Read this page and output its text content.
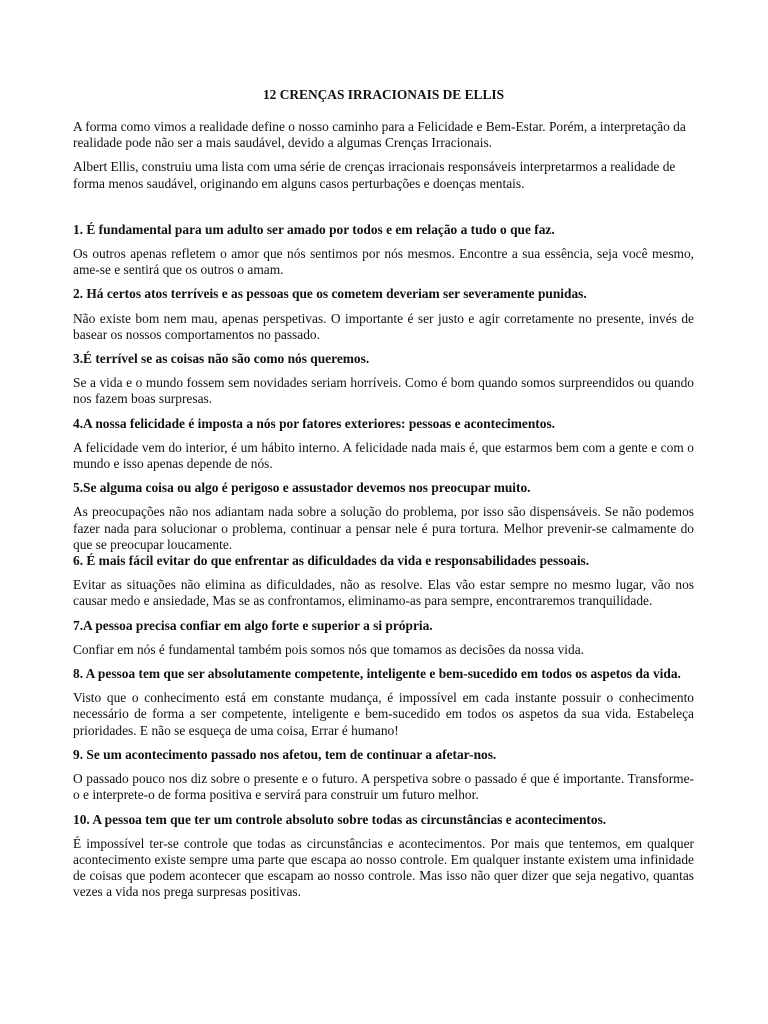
12 CRENÇAS IRRACIONAIS DE ELLIS

A forma como vimos a realidade define o nosso caminho para a Felicidade e Bem-Estar. Porém, a interpretação da realidade pode não ser a mais saudável, devido a algumas Crenças Irracionais.

Albert Ellis, construiu uma lista com uma série de crenças irracionais responsáveis interpretarmos a realidade de forma menos saudável, originando em alguns casos perturbações e doenças mentais.

1. É fundamental para um adulto ser amado por todos e em relação a tudo o que faz.

Os outros apenas refletem o amor que nós sentimos por nós mesmos. Encontre a sua essência, seja você mesmo, ame-se e sentirá que os outros o amam.

2. Há certos atos terríveis e as pessoas que os cometem deveriam ser severamente punidas.

Não existe bom nem mau, apenas perspetivas. O importante é ser justo e agir corretamente no presente, invés de basear os nossos comportamentos no passado.

3.É terrível se as coisas não são como nós queremos.

Se a vida e o mundo fossem sem novidades seriam horríveis. Como é bom quando somos surpreendidos ou quando nos fazem boas surpresas.

4.A nossa felicidade é imposta a nós por fatores exteriores: pessoas e acontecimentos.

A felicidade vem do interior, é um hábito interno. A felicidade nada mais é, que estarmos bem com a gente e com o mundo e isso apenas depende de nós.

5.Se alguma coisa ou algo é perigoso e assustador devemos nos preocupar muito.

As preocupações não nos adiantam nada sobre a solução do problema, por isso são dispensáveis. Se não podemos fazer nada para solucionar o problema, continuar a pensar nele é pura tortura. Melhor prevenir-se calmamente do que se preocupar loucamente.

6. É mais fácil evitar do que enfrentar as dificuldades da vida e responsabilidades pessoais.

Evitar as situações não elimina as dificuldades, não as resolve. Elas vão estar sempre no mesmo lugar, vão nos causar medo e ansiedade, Mas se as confrontamos, eliminamo-as para sempre, encontraremos tranquilidade.

7.A pessoa precisa confiar em algo forte e superior a si própria.

Confiar em nós é fundamental também pois somos nós que tomamos as decisões da nossa vida.

8. A pessoa tem que ser absolutamente competente, inteligente e bem-sucedido em todos os aspetos da vida.

Visto que o conhecimento está em constante mudança, é impossível em cada instante possuir o conhecimento necessário de forma a ser competente, inteligente e bem-sucedido em todos os aspetos da sua vida. Estabeleça prioridades. E não se esqueça de uma coisa, Errar é humano!

9. Se um acontecimento passado nos afetou, tem de continuar a afetar-nos.

O passado pouco nos diz sobre o presente e o futuro. A perspetiva sobre o passado é que é importante. Transforme-o e interprete-o de forma positiva e servirá para construir um futuro melhor.

10. A pessoa tem que ter um controle absoluto sobre todas as circunstâncias e acontecimentos.

É impossível ter-se controle que todas as circunstâncias e acontecimentos. Por mais que tentemos, em qualquer acontecimento existe sempre uma parte que escapa ao nosso controle. Em qualquer instante existem uma infinidade de coisas que podem acontecer que escapam ao nosso controle. Mas isso não quer dizer que seja negativo, quantas vezes a vida nos prega surpresas positivas.
